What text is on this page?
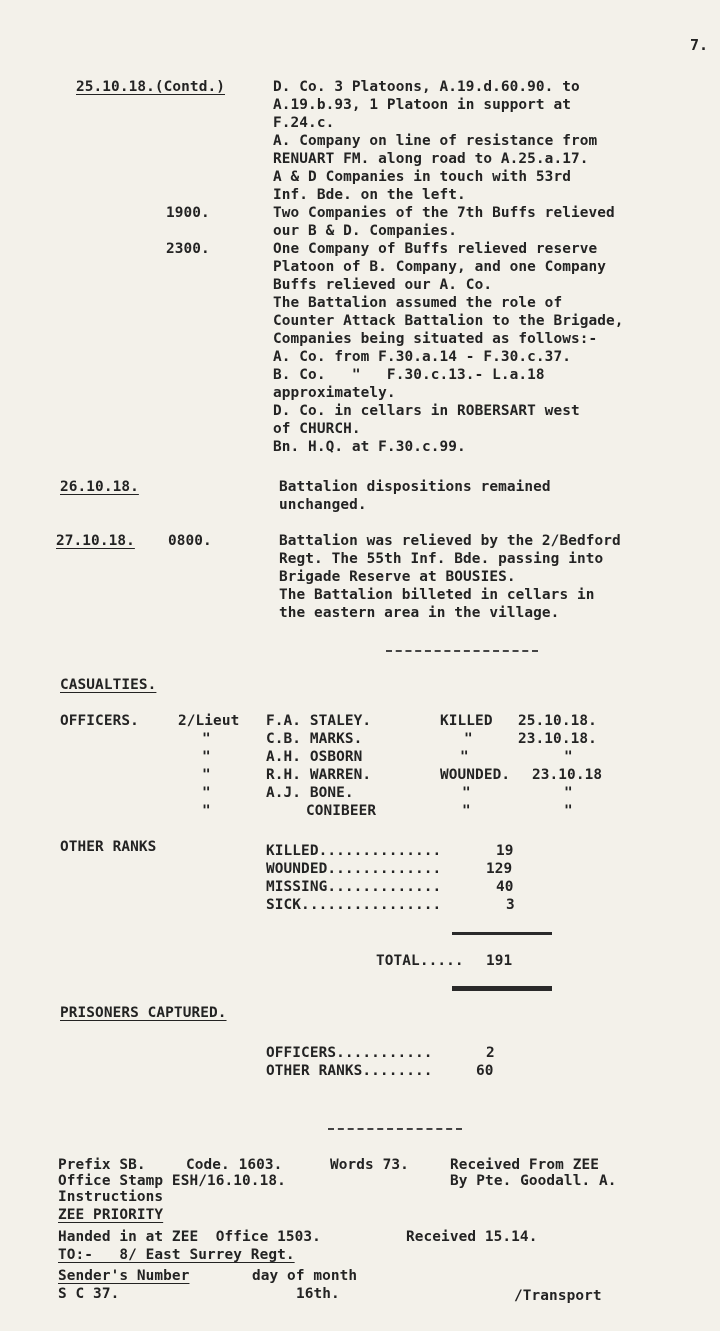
7.
25.10.18.(Contd.)	D. Co. 3 Platoons, A.19.d.60.90. to
A.19.b.93, 1 Platoon in support at
F.24.c.
A. Company on line of resistance from
RENUART FM. along road to A.25.a.17.
A & D Companies in touch with 53rd
Inf. Bde. on the left.
1900.	Two Companies of the 7th Buffs relieved
our B & D. Companies.
2300.	One Company of Buffs relieved reserve
Platoon of B. Company, and one Company
Buffs relieved our A. Co.
The Battalion assumed the role of
Counter Attack Battalion to the Brigade,
Companies being situated as follows:-
A. Co. from F.30.a.14 - F.30.c.37.
B. Co.   "   F.30.c.13.- L.a.18
approximately.
D. Co. in cellars in ROBERSART west
of CHURCH.
Bn. H.Q. at F.30.c.99.
26.10.18.	Battalion dispositions remained
unchanged.
27.10.18. 0800.	Battalion was relieved by the 2/Bedford
Regt. The 55th Inf. Bde. passing into
Brigade Reserve at BOUSIES.
The Battalion billeted in cellars in
the eastern area in the village.
CASUALTIES.
OFFICERS.	2/Lieut F.A. STALEY.	KILLED 25.10.18.
"	C.B. MARKS.	"	23.10.18.
"	A.H. OSBORN	"	"
"	R.H. WARREN.	WOUNDED. 23.10.18
"	A.J. BONE.	"	"
"	CONIBEER	"	"
OTHER RANKS	KILLED..............	19
WOUNDED.............	129
MISSING.............	40
SICK................	3
TOTAL..... 191
PRISONERS CAPTURED.
OFFICERS...........	2
OTHER RANKS........	60
Prefix SB.	Code. 1603.	Words 73.	Received From ZEE
Office Stamp ESH/16.10.18.	By Pte. Goodall. A.
Instructions
ZEE PRIORITY
Handed in at ZEE  Office 1503.	Received 15.14.
TO:-   8/ East Surrey Regt.
Sender's Number	day of month
S C 37.	16th.	/Transport
